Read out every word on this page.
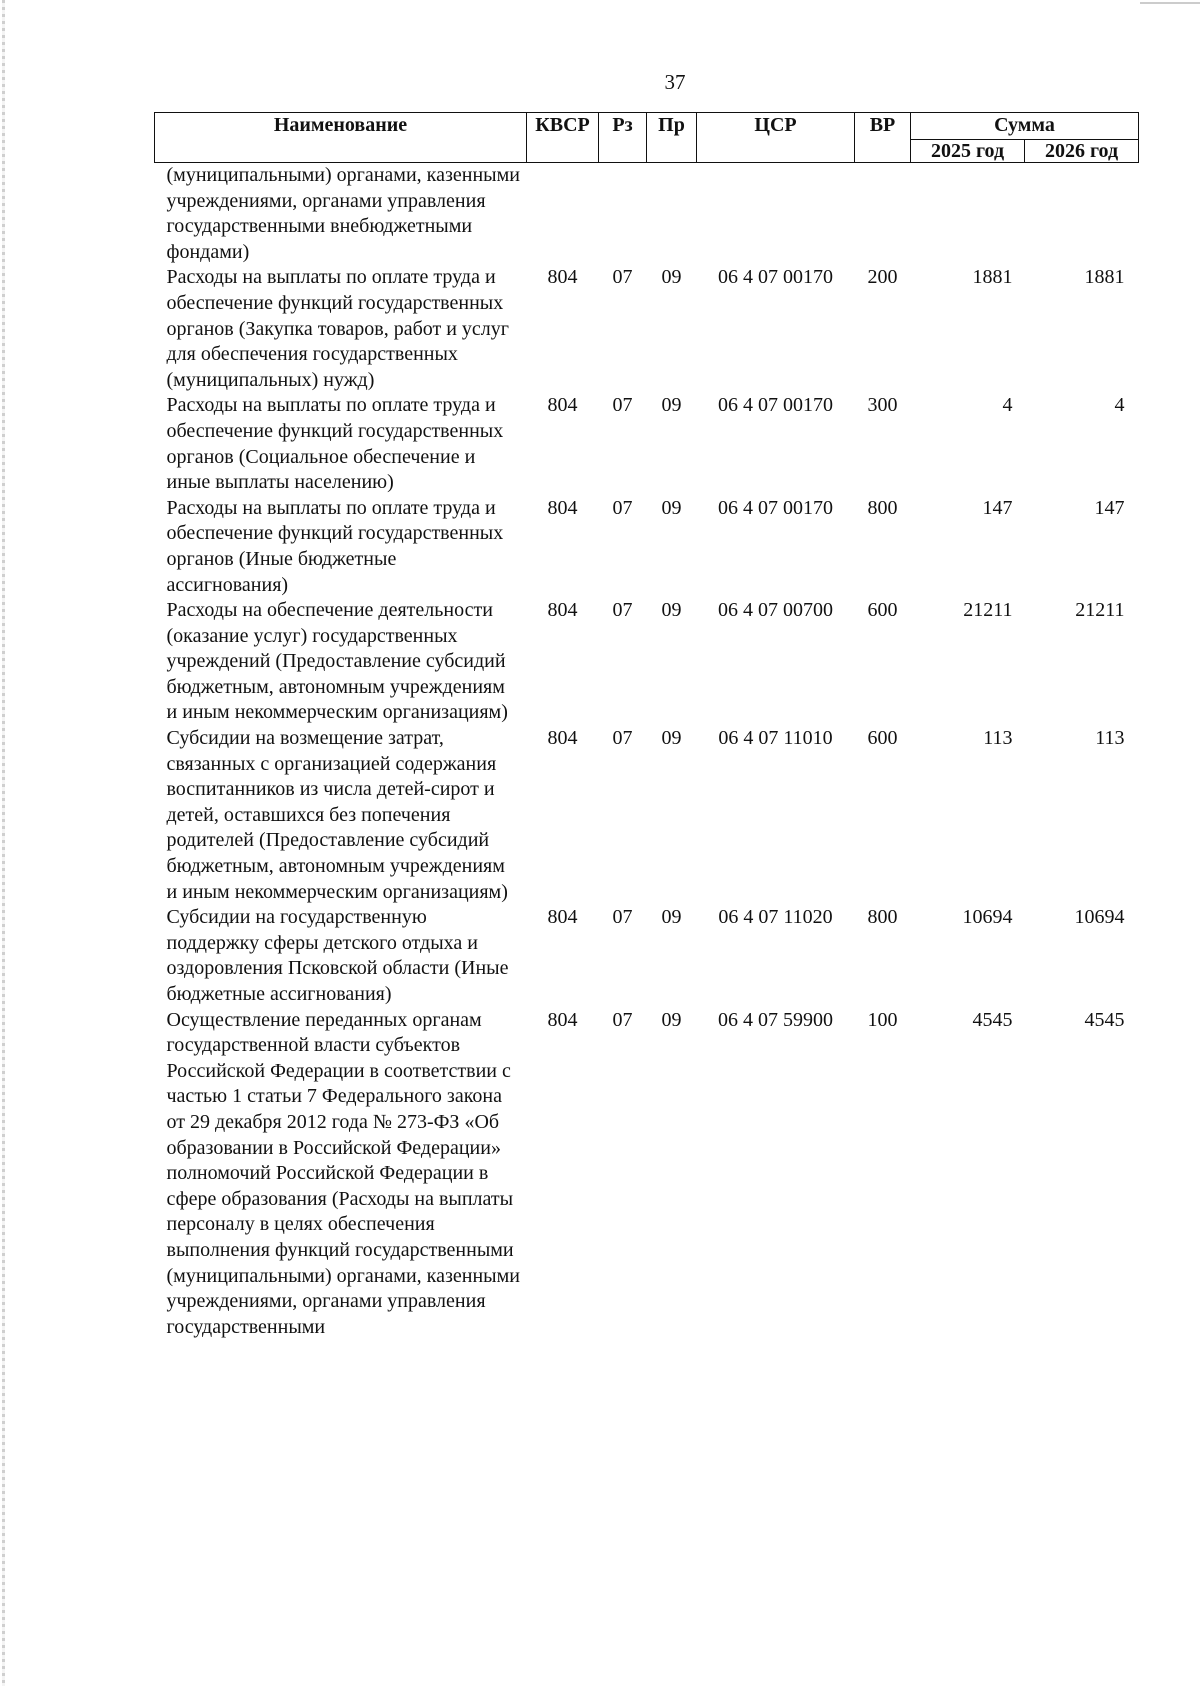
37
Наименование	КВСР	Рз	Пр	ЦСР	ВР	Сумма	
						2025 год	2026 год
(муниципальными) органами, казенными учреждениями, органами управления государственными внебюджетными фондами)							
Расходы на выплаты по оплате труда и обеспечение функций государственных органов (Закупка товаров, работ и услуг для обеспечения государственных (муниципальных) нужд)	804	07	09	06 4 07 00170	200	1881	1881
Расходы на выплаты по оплате труда и обеспечение функций государственных органов (Социальное обеспечение и иные выплаты населению)	804	07	09	06 4 07 00170	300	4	4
Расходы на выплаты по оплате труда и обеспечение функций государственных органов (Иные бюджетные ассигнования)	804	07	09	06 4 07 00170	800	147	147
Расходы на обеспечение деятельности (оказание услуг) государственных учреждений (Предоставление субсидий бюджетным, автономным учреждениям и иным некоммерческим организациям)	804	07	09	06 4 07 00700	600	21211	21211
Субсидии на возмещение затрат, связанных с организацией содержания воспитанников из числа детей-сирот и детей, оставшихся без попечения родителей (Предоставление субсидий бюджетным, автономным учреждениям и иным некоммерческим организациям)	804	07	09	06 4 07 11010	600	113	113
Субсидии на государственную поддержку сферы детского отдыха и оздоровления Псковской области (Иные бюджетные ассигнования)	804	07	09	06 4 07 11020	800	10694	10694
Осуществление переданных органам государственной власти субъектов Российской Федерации в соответствии с частью 1 статьи 7 Федерального закона от 29 декабря 2012 года № 273-ФЗ «Об образовании в Российской Федерации» полномочий Российской Федерации в сфере образования (Расходы на выплаты персоналу в целях обеспечения выполнения функций государственными (муниципальными) органами, казенными учреждениями, органами управления государственными	804	07	09	06 4 07 59900	100	4545	4545
